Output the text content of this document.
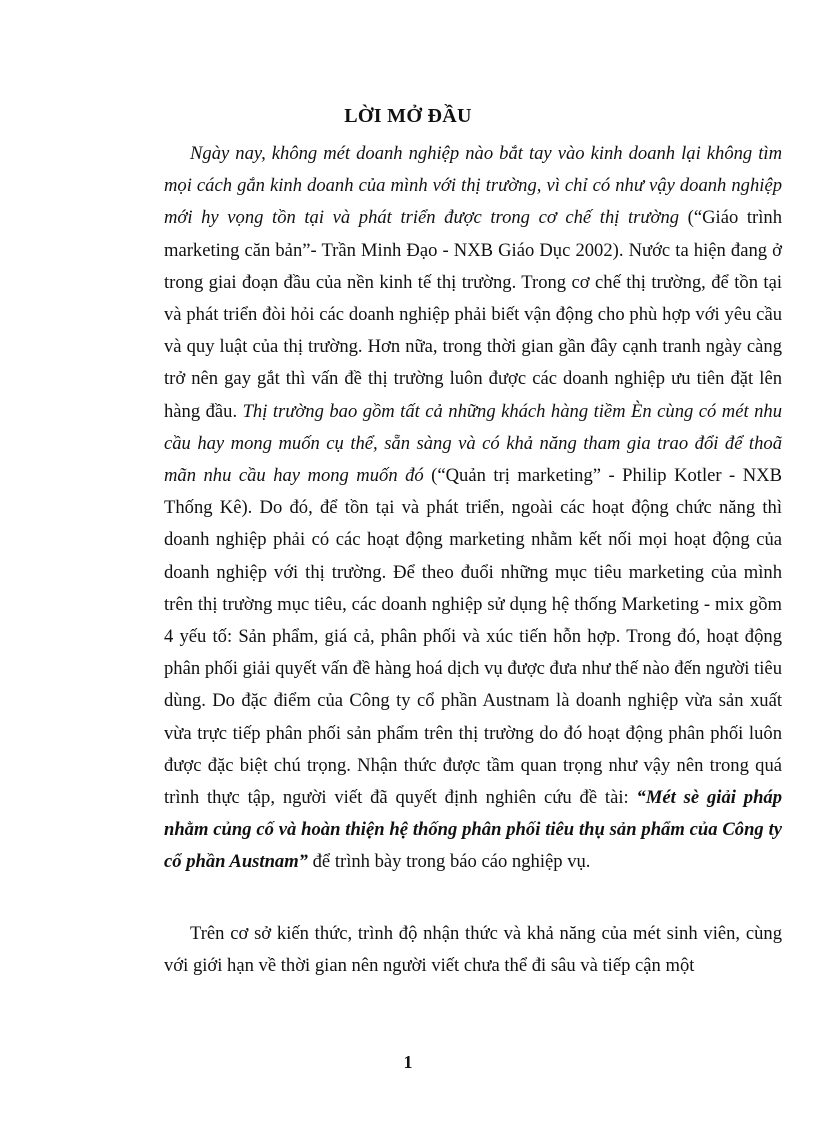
LỜI MỞ ĐẦU

Ngày nay, không mét doanh nghiệp nào bắt tay vào kinh doanh lại không tìm mọi cách gắn kinh doanh của mình với thị trường, vì chỉ có như vậy doanh nghiệp mới hy vọng tồn tại và phát triển được trong cơ chế thị trường (“Giáo trình marketing căn bản”- Trần Minh Đạo - NXB Giáo Dục 2002). Nước ta hiện đang ở trong giai đoạn đầu của nền kinh tế thị trường. Trong cơ chế thị trường, để tồn tại và phát triển đòi hỏi các doanh nghiệp phải biết vận động cho phù hợp với yêu cầu và quy luật của thị trường. Hơn nữa, trong thời gian gần đây cạnh tranh ngày càng trở nên gay gắt thì vấn đề thị trường luôn được các doanh nghiệp ưu tiên đặt lên hàng đầu. Thị trường bao gồm tất cả những khách hàng tiềm Èn cùng có mét nhu cầu hay mong muốn cụ thể, sẵn sàng và có khả năng tham gia trao đổi để thoã mãn nhu cầu hay mong muốn đó (“Quản trị marketing” - Philip Kotler - NXB Thống Kê). Do đó, để tồn tại và phát triển, ngoài các hoạt động chức năng thì doanh nghiệp phải có các hoạt động marketing nhằm kết nối mọi hoạt động của doanh nghiệp với thị trường. Để theo đuổi những mục tiêu marketing của mình trên thị trường mục tiêu, các doanh nghiệp sử dụng hệ thống Marketing - mix gồm 4 yếu tố: Sản phẩm, giá cả, phân phối và xúc tiến hỗn hợp. Trong đó, hoạt động phân phối giải quyết vấn đề hàng hoá dịch vụ được đưa như thế nào đến người tiêu dùng. Do đặc điểm của Công ty cổ phần Austnam là doanh nghiệp vừa sản xuất vừa trực tiếp phân phối sản phẩm trên thị trường do đó hoạt động phân phối luôn được đặc biệt chú trọng. Nhận thức được tầm quan trọng như vậy nên trong quá trình thực tập, người viết đã quyết định nghiên cứu đề tài: “Mét sè giải pháp nhằm củng cố và hoàn thiện hệ thống phân phối tiêu thụ sản phẩm của Công ty cổ phần Austnam” để trình bày trong báo cáo nghiệp vụ.

Trên cơ sở kiến thức, trình độ nhận thức và khả năng của mét sinh viên, cùng với giới hạn về thời gian nên người viết chưa thể đi sâu và tiếp cận một

1
